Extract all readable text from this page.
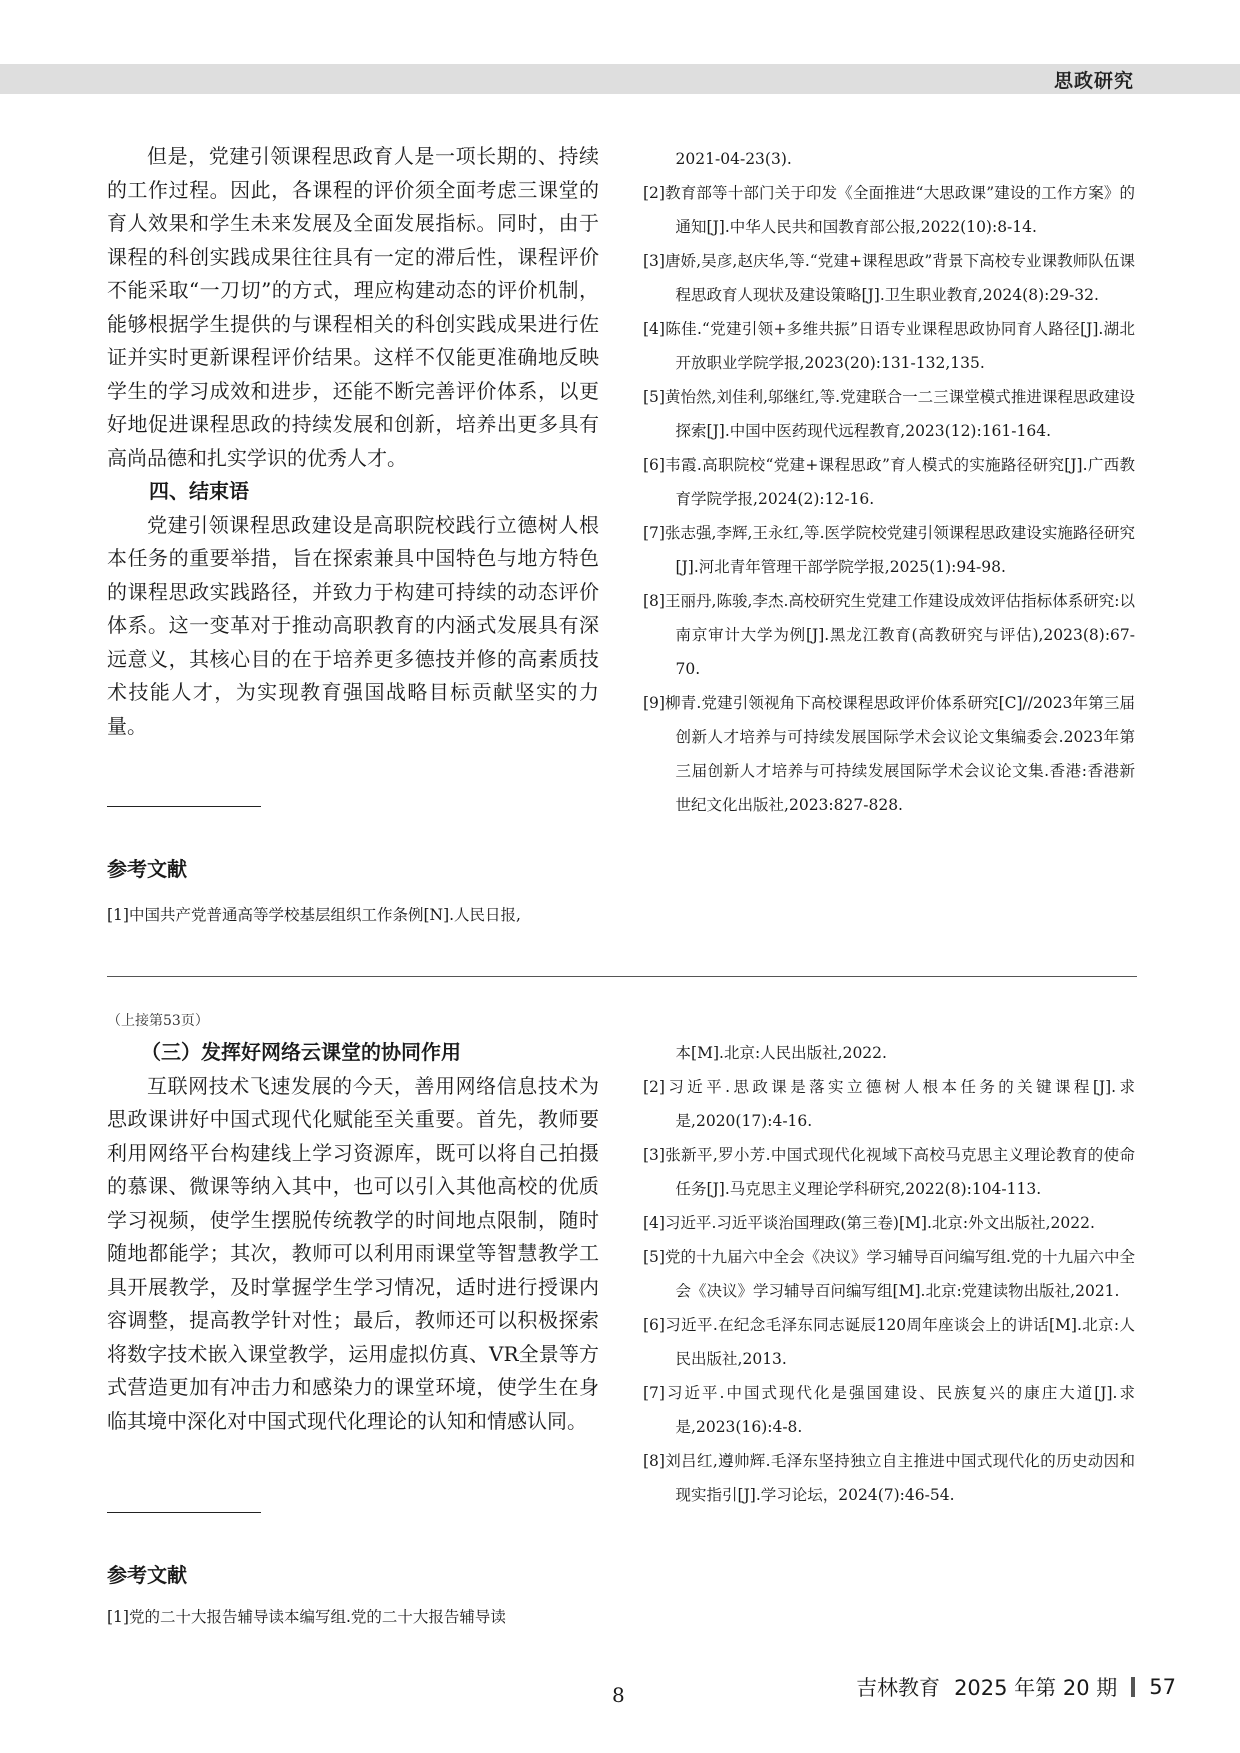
思政研究

但是，党建引领课程思政育人是一项长期的、持续的工作过程。因此，各课程的评价须全面考虑三课堂的育人效果和学生未来发展及全面发展指标。同时，由于课程的科创实践成果往往具有一定的滞后性，课程评价不能采取“一刀切”的方式，理应构建动态的评价机制，能够根据学生提供的与课程相关的科创实践成果进行佐证并实时更新课程评价结果。这样不仅能更准确地反映学生的学习成效和进步，还能不断完善评价体系，以更好地促进课程思政的持续发展和创新，培养出更多具有高尚品德和扎实学识的优秀人才。

四、结束语

党建引领课程思政建设是高职院校践行立德树人根本任务的重要举措，旨在探索兼具中国特色与地方特色的课程思政实践路径，并致力于构建可持续的动态评价体系。这一变革对于推动高职教育的内涵式发展具有深远意义，其核心目的在于培养更多德技并修的高素质技术技能人才，为实现教育强国战略目标贡献坚实的力量。

参考文献

[1]中国共产党普通高等学校基层组织工作条例[N].人民日报,

2021-04-23(3).

[2]教育部等十部门关于印发《全面推进“大思政课”建设的工作方案》的通知[J].中华人民共和国教育部公报,2022(10):8-14.

[3]唐娇,吴彦,赵庆华,等.“党建+课程思政”背景下高校专业课教师队伍课程思政育人现状及建设策略[J].卫生职业教育,2024(8):29-32.

[4]陈佳.“党建引领+多维共振”日语专业课程思政协同育人路径[J].湖北开放职业学院学报,2023(20):131-132,135.

[5]黄怡然,刘佳利,邬继红,等.党建联合一二三课堂模式推进课程思政建设探索[J].中国中医药现代远程教育,2023(12):161-164.

[6]韦霞.高职院校“党建+课程思政”育人模式的实施路径研究[J].广西教育学院学报,2024(2):12-16.

[7]张志强,李辉,王永红,等.医学院校党建引领课程思政建设实施路径研究[J].河北青年管理干部学院学报,2025(1):94-98.

[8]王丽丹,陈骏,李杰.高校研究生党建工作建设成效评估指标体系研究:以南京审计大学为例[J].黑龙江教育(高教研究与评估),2023(8):67-70.

[9]柳青.党建引领视角下高校课程思政评价体系研究[C]//2023年第三届创新人才培养与可持续发展国际学术会议论文集编委会.2023年第三届创新人才培养与可持续发展国际学术会议论文集.香港:香港新世纪文化出版社,2023:827-828.

（上接第53页）

（三）发挥好网络云课堂的协同作用

互联网技术飞速发展的今天，善用网络信息技术为思政课讲好中国式现代化赋能至关重要。首先，教师要利用网络平台构建线上学习资源库，既可以将自己拍摄的慕课、微课等纳入其中，也可以引入其他高校的优质学习视频，使学生摆脱传统教学的时间地点限制，随时随地都能学；其次，教师可以利用雨课堂等智慧教学工具开展教学，及时掌握学生学习情况，适时进行授课内容调整，提高教学针对性；最后，教师还可以积极探索将数字技术嵌入课堂教学，运用虚拟仿真、VR全景等方式营造更加有冲击力和感染力的课堂环境，使学生在身临其境中深化对中国式现代化理论的认知和情感认同。

参考文献

[1]党的二十大报告辅导读本编写组.党的二十大报告辅导读

本[M].北京:人民出版社,2022.

[2]习近平.思政课是落实立德树人根本任务的关键课程[J].求是,2020(17):4-16.

[3]张新平,罗小芳.中国式现代化视域下高校马克思主义理论教育的使命任务[J].马克思主义理论学科研究,2022(8):104-113.

[4]习近平.习近平谈治国理政(第三卷)[M].北京:外文出版社,2022.

[5]党的十九届六中全会《决议》学习辅导百问编写组.党的十九届六中全会《决议》学习辅导百问编写组[M].北京:党建读物出版社,2021.

[6]习近平.在纪念毛泽东同志诞辰120周年座谈会上的讲话[M].北京:人民出版社,2013.

[7]习近平.中国式现代化是强国建设、民族复兴的康庄大道[J].求是,2023(16):4-8.

[8]刘吕红,遵帅辉.毛泽东坚持独立自主推进中国式现代化的历史动因和现实指引[J].学习论坛，2024(7):46-54.

8	吉林教育 2025 年第 20 期 57
